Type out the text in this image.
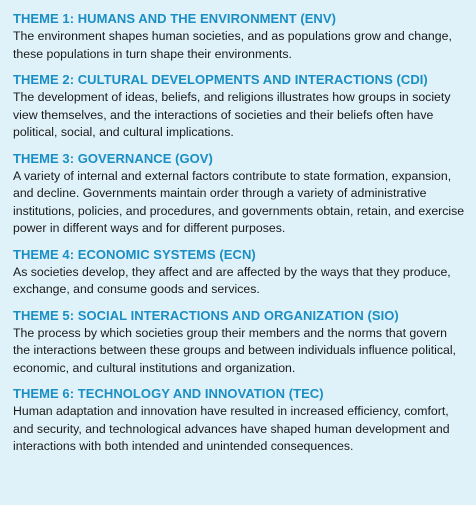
THEME 1: HUMANS AND THE ENVIRONMENT (ENV)

The environment shapes human societies, and as populations grow and change, these populations in turn shape their environments.

THEME 2: CULTURAL DEVELOPMENTS AND INTERACTIONS (CDI)

The development of ideas, beliefs, and religions illustrates how groups in society view themselves, and the interactions of societies and their beliefs often have political, social, and cultural implications.

THEME 3: GOVERNANCE (GOV)

A variety of internal and external factors contribute to state formation, expansion, and decline. Governments maintain order through a variety of administrative institutions, policies, and procedures, and governments obtain, retain, and exercise power in different ways and for different purposes.

THEME 4: ECONOMIC SYSTEMS (ECN)

As societies develop, they affect and are affected by the ways that they produce, exchange, and consume goods and services.

THEME 5: SOCIAL INTERACTIONS AND ORGANIZATION (SIO)

The process by which societies group their members and the norms that govern the interactions between these groups and between individuals influence political, economic, and cultural institutions and organization.

THEME 6: TECHNOLOGY AND INNOVATION (TEC)

Human adaptation and innovation have resulted in increased efficiency, comfort, and security, and technological advances have shaped human development and interactions with both intended and unintended consequences.
